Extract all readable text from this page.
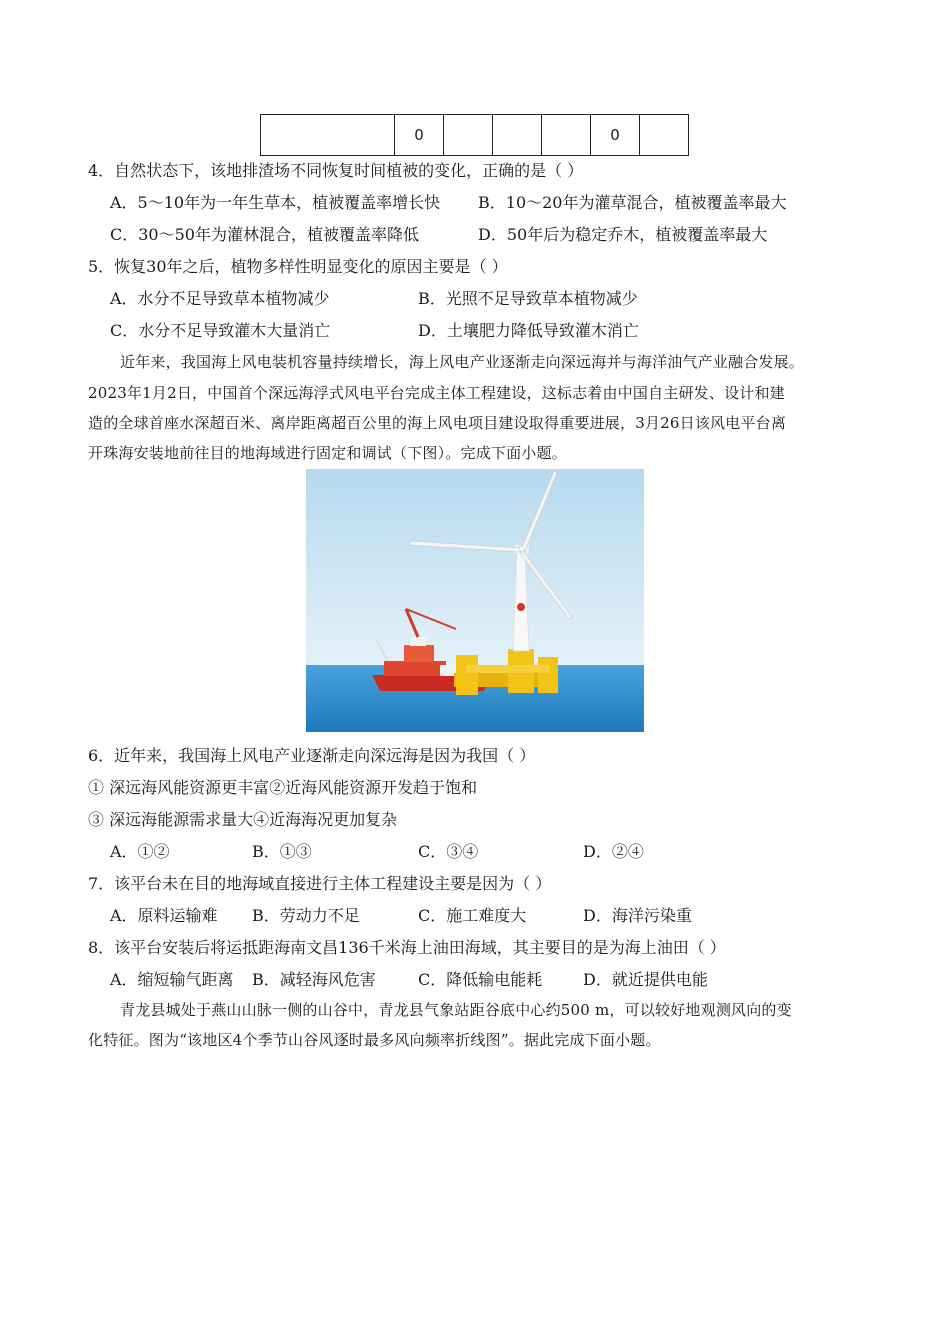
	0				0	
4．自然状态下，该地排渣场不同恢复时间植被的变化，正确的是（ ）
A．5～10年为一年生草本，植被覆盖率增长快 B．10～20年为灌草混合，植被覆盖率最大
C．30～50年为灌林混合，植被覆盖率降低	D．50年后为稳定乔木，植被覆盖率最大
5．恢复30年之后，植物多样性明显变化的原因主要是（ ）
A．水分不足导致草本植物减少	B．光照不足导致草本植物减少
C．水分不足导致灌木大量消亡	D．土壤肥力降低导致灌木消亡
近年来，我国海上风电装机容量持续增长，海上风电产业逐渐走向深远海并与海洋油气产业融合发展。
2023年1月2日，中国首个深远海浮式风电平台完成主体工程建设，这标志着由中国自主研发、设计和建
造的全球首座水深超百米、离岸距离超百公里的海上风电项目建设取得重要进展，3月26日该风电平台离
开珠海安装地前往目的地海域进行固定和调试（下图）。完成下面小题。
6．近年来，我国海上风电产业逐渐走向深远海是因为我国（ ）
① 深远海风能资源更丰富②近海风能资源开发趋于饱和
③ 深远海能源需求量大④近海海况更加复杂
A．①②	B．①③	C．③④	D．②④
7．该平台未在目的地海域直接进行主体工程建设主要是因为（ ）
A．原料运输难 B．劳动力不足	C．施工难度大	D．海洋污染重
8．该平台安装后将运抵距海南文昌136千米海上油田海域，其主要目的是为海上油田（ ）
A．缩短输气距离 B．减轻海风危害	C．降低输电能耗	D．就近提供电能
青龙县城处于燕山山脉一侧的山谷中，青龙县气象站距谷底中心约500 m，可以较好地观测风向的变
化特征。图为“该地区4个季节山谷风逐时最多风向频率折线图”。据此完成下面小题。
